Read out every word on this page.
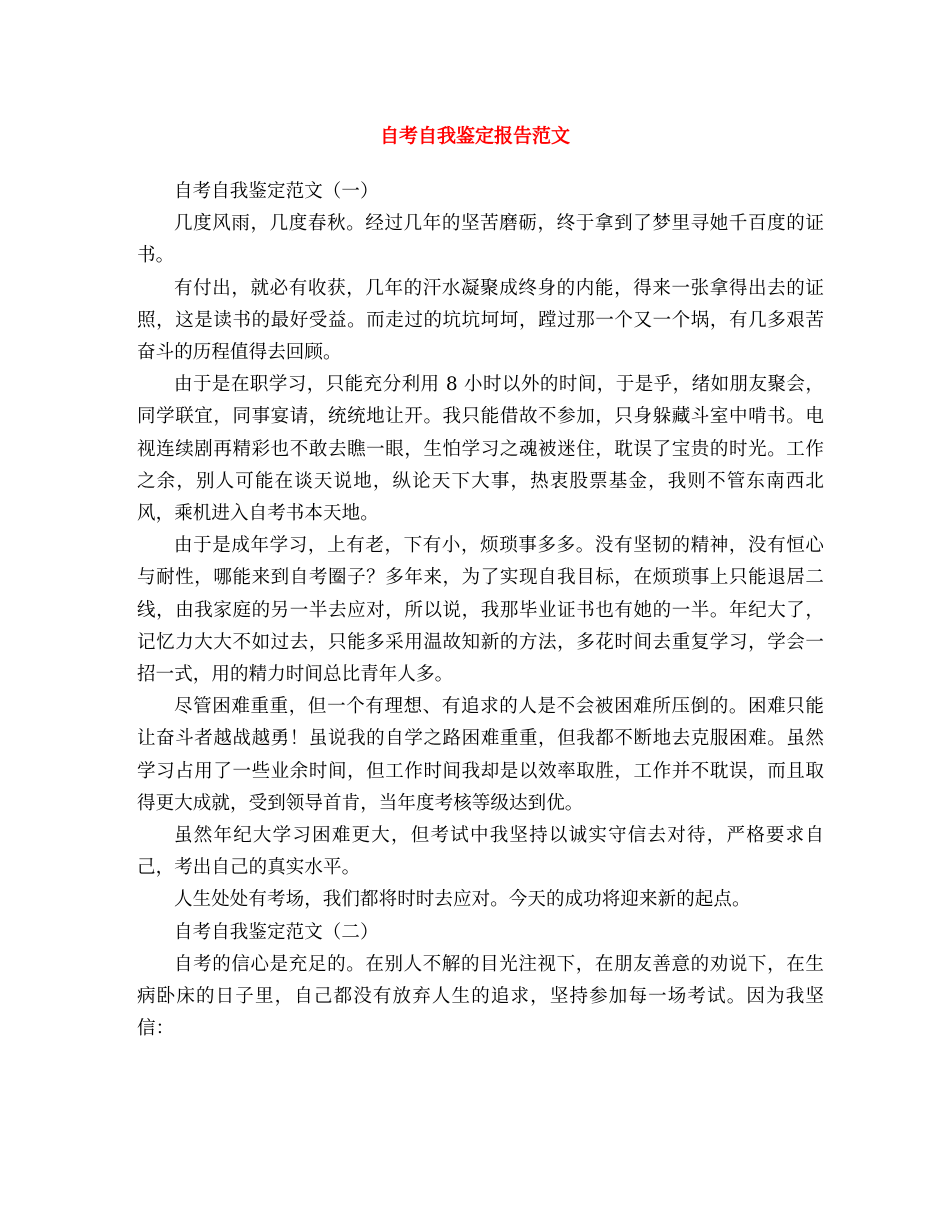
自考自我鉴定报告范文

自考自我鉴定范文（一）

几度风雨，几度春秋。经过几年的坚苦磨砺，终于拿到了梦里寻她千百度的证书。

有付出，就必有收获，几年的汗水凝聚成终身的内能，得来一张拿得出去的证照，这是读书的最好受益。而走过的坑坑坷坷，蹚过那一个又一个埚，有几多艰苦奋斗的历程值得去回顾。

由于是在职学习，只能充分利用 8 小时以外的时间，于是乎，绪如朋友聚会，同学联宜，同事宴请，统统地让开。我只能借故不参加，只身躲藏斗室中啃书。电视连续剧再精彩也不敢去瞧一眼，生怕学习之魂被迷住，耽误了宝贵的时光。工作之余，别人可能在谈天说地，纵论天下大事，热衷股票基金，我则不管东南西北风，乘机进入自考书本天地。

由于是成年学习，上有老，下有小，烦琐事多多。没有坚韧的精神，没有恒心与耐性，哪能来到自考圈子？多年来，为了实现自我目标，在烦琐事上只能退居二线，由我家庭的另一半去应对，所以说，我那毕业证书也有她的一半。年纪大了，记忆力大大不如过去，只能多采用温故知新的方法，多花时间去重复学习，学会一招一式，用的精力时间总比青年人多。

尽管困难重重，但一个有理想、有追求的人是不会被困难所压倒的。困难只能让奋斗者越战越勇！虽说我的自学之路困难重重，但我都不断地去克服困难。虽然学习占用了一些业余时间，但工作时间我却是以效率取胜，工作并不耽误，而且取得更大成就，受到领导首肯，当年度考核等级达到优。

虽然年纪大学习困难更大，但考试中我坚持以诚实守信去对待，严格要求自己，考出自己的真实水平。

人生处处有考场，我们都将时时去应对。今天的成功将迎来新的起点。

自考自我鉴定范文（二）

自考的信心是充足的。在别人不解的目光注视下，在朋友善意的劝说下，在生病卧床的日子里，自己都没有放弃人生的追求，坚持参加每一场考试。因为我坚信：
